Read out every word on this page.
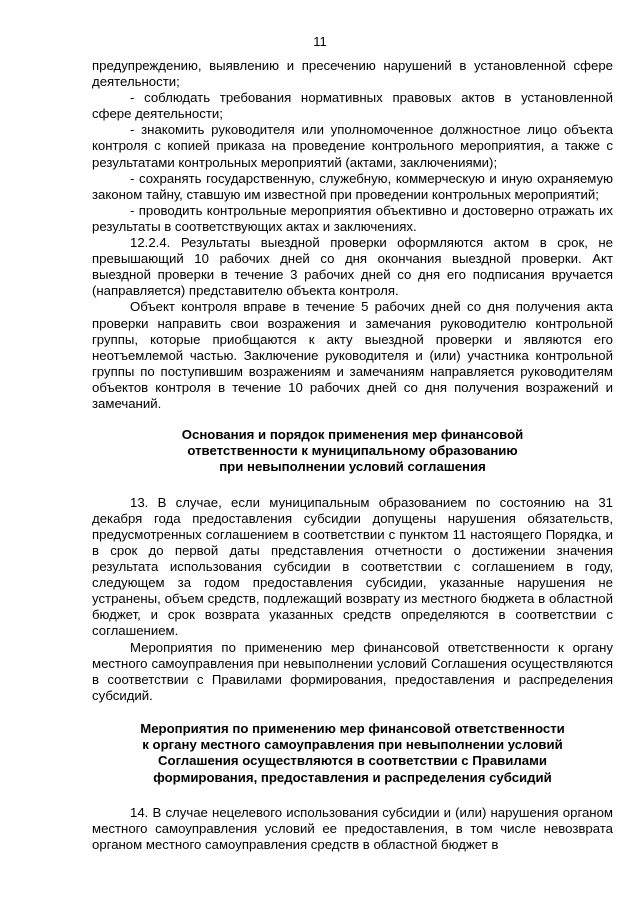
11

предупреждению, выявлению и пресечению нарушений в установленной сфере деятельности;

- соблюдать требования нормативных правовых актов в установленной сфере деятельности;

- знакомить руководителя или уполномоченное должностное лицо объекта контроля с копией приказа на проведение контрольного мероприятия, а также с результатами контрольных мероприятий (актами, заключениями);

- сохранять государственную, служебную, коммерческую и иную охраняемую законом тайну, ставшую им известной при проведении контрольных мероприятий;

- проводить контрольные мероприятия объективно и достоверно отражать их результаты в соответствующих актах и заключениях.

12.2.4. Результаты выездной проверки оформляются актом в срок, не превышающий 10 рабочих дней со дня окончания выездной проверки. Акт выездной проверки в течение 3 рабочих дней со дня его подписания вручается (направляется) представителю объекта контроля.

Объект контроля вправе в течение 5 рабочих дней со дня получения акта проверки направить свои возражения и замечания руководителю контрольной группы, которые приобщаются к акту выездной проверки и являются его неотъемлемой частью. Заключение руководителя и (или) участника контрольной группы по поступившим возражениям и замечаниям направляется руководителям объектов контроля в течение 10 рабочих дней со дня получения возражений и замечаний.

Основания и порядок применения мер финансовой
ответственности к муниципальному образованию
при невыполнении условий соглашения

13. В случае, если муниципальным образованием по состоянию на 31 декабря года предоставления субсидии допущены нарушения обязательств, предусмотренных соглашением в соответствии с пунктом 11 настоящего Порядка, и в срок до первой даты представления отчетности о достижении значения результата использования субсидии в соответствии с соглашением в году, следующем за годом предоставления субсидии, указанные нарушения не устранены, объем средств, подлежащий возврату из местного бюджета в областной бюджет, и срок возврата указанных средств определяются в соответствии с соглашением.

Мероприятия по применению мер финансовой ответственности к органу местного самоуправления при невыполнении условий Соглашения осуществляются в соответствии с Правилами формирования, предоставления и распределения субсидий.

Мероприятия по применению мер финансовой ответственности
к органу местного самоуправления при невыполнении условий
Соглашения осуществляются в соответствии с Правилами
формирования, предоставления и распределения субсидий

14. В случае нецелевого использования субсидии и (или) нарушения органом местного самоуправления условий ее предоставления, в том числе невозврата органом местного самоуправления средств в областной бюджет в
